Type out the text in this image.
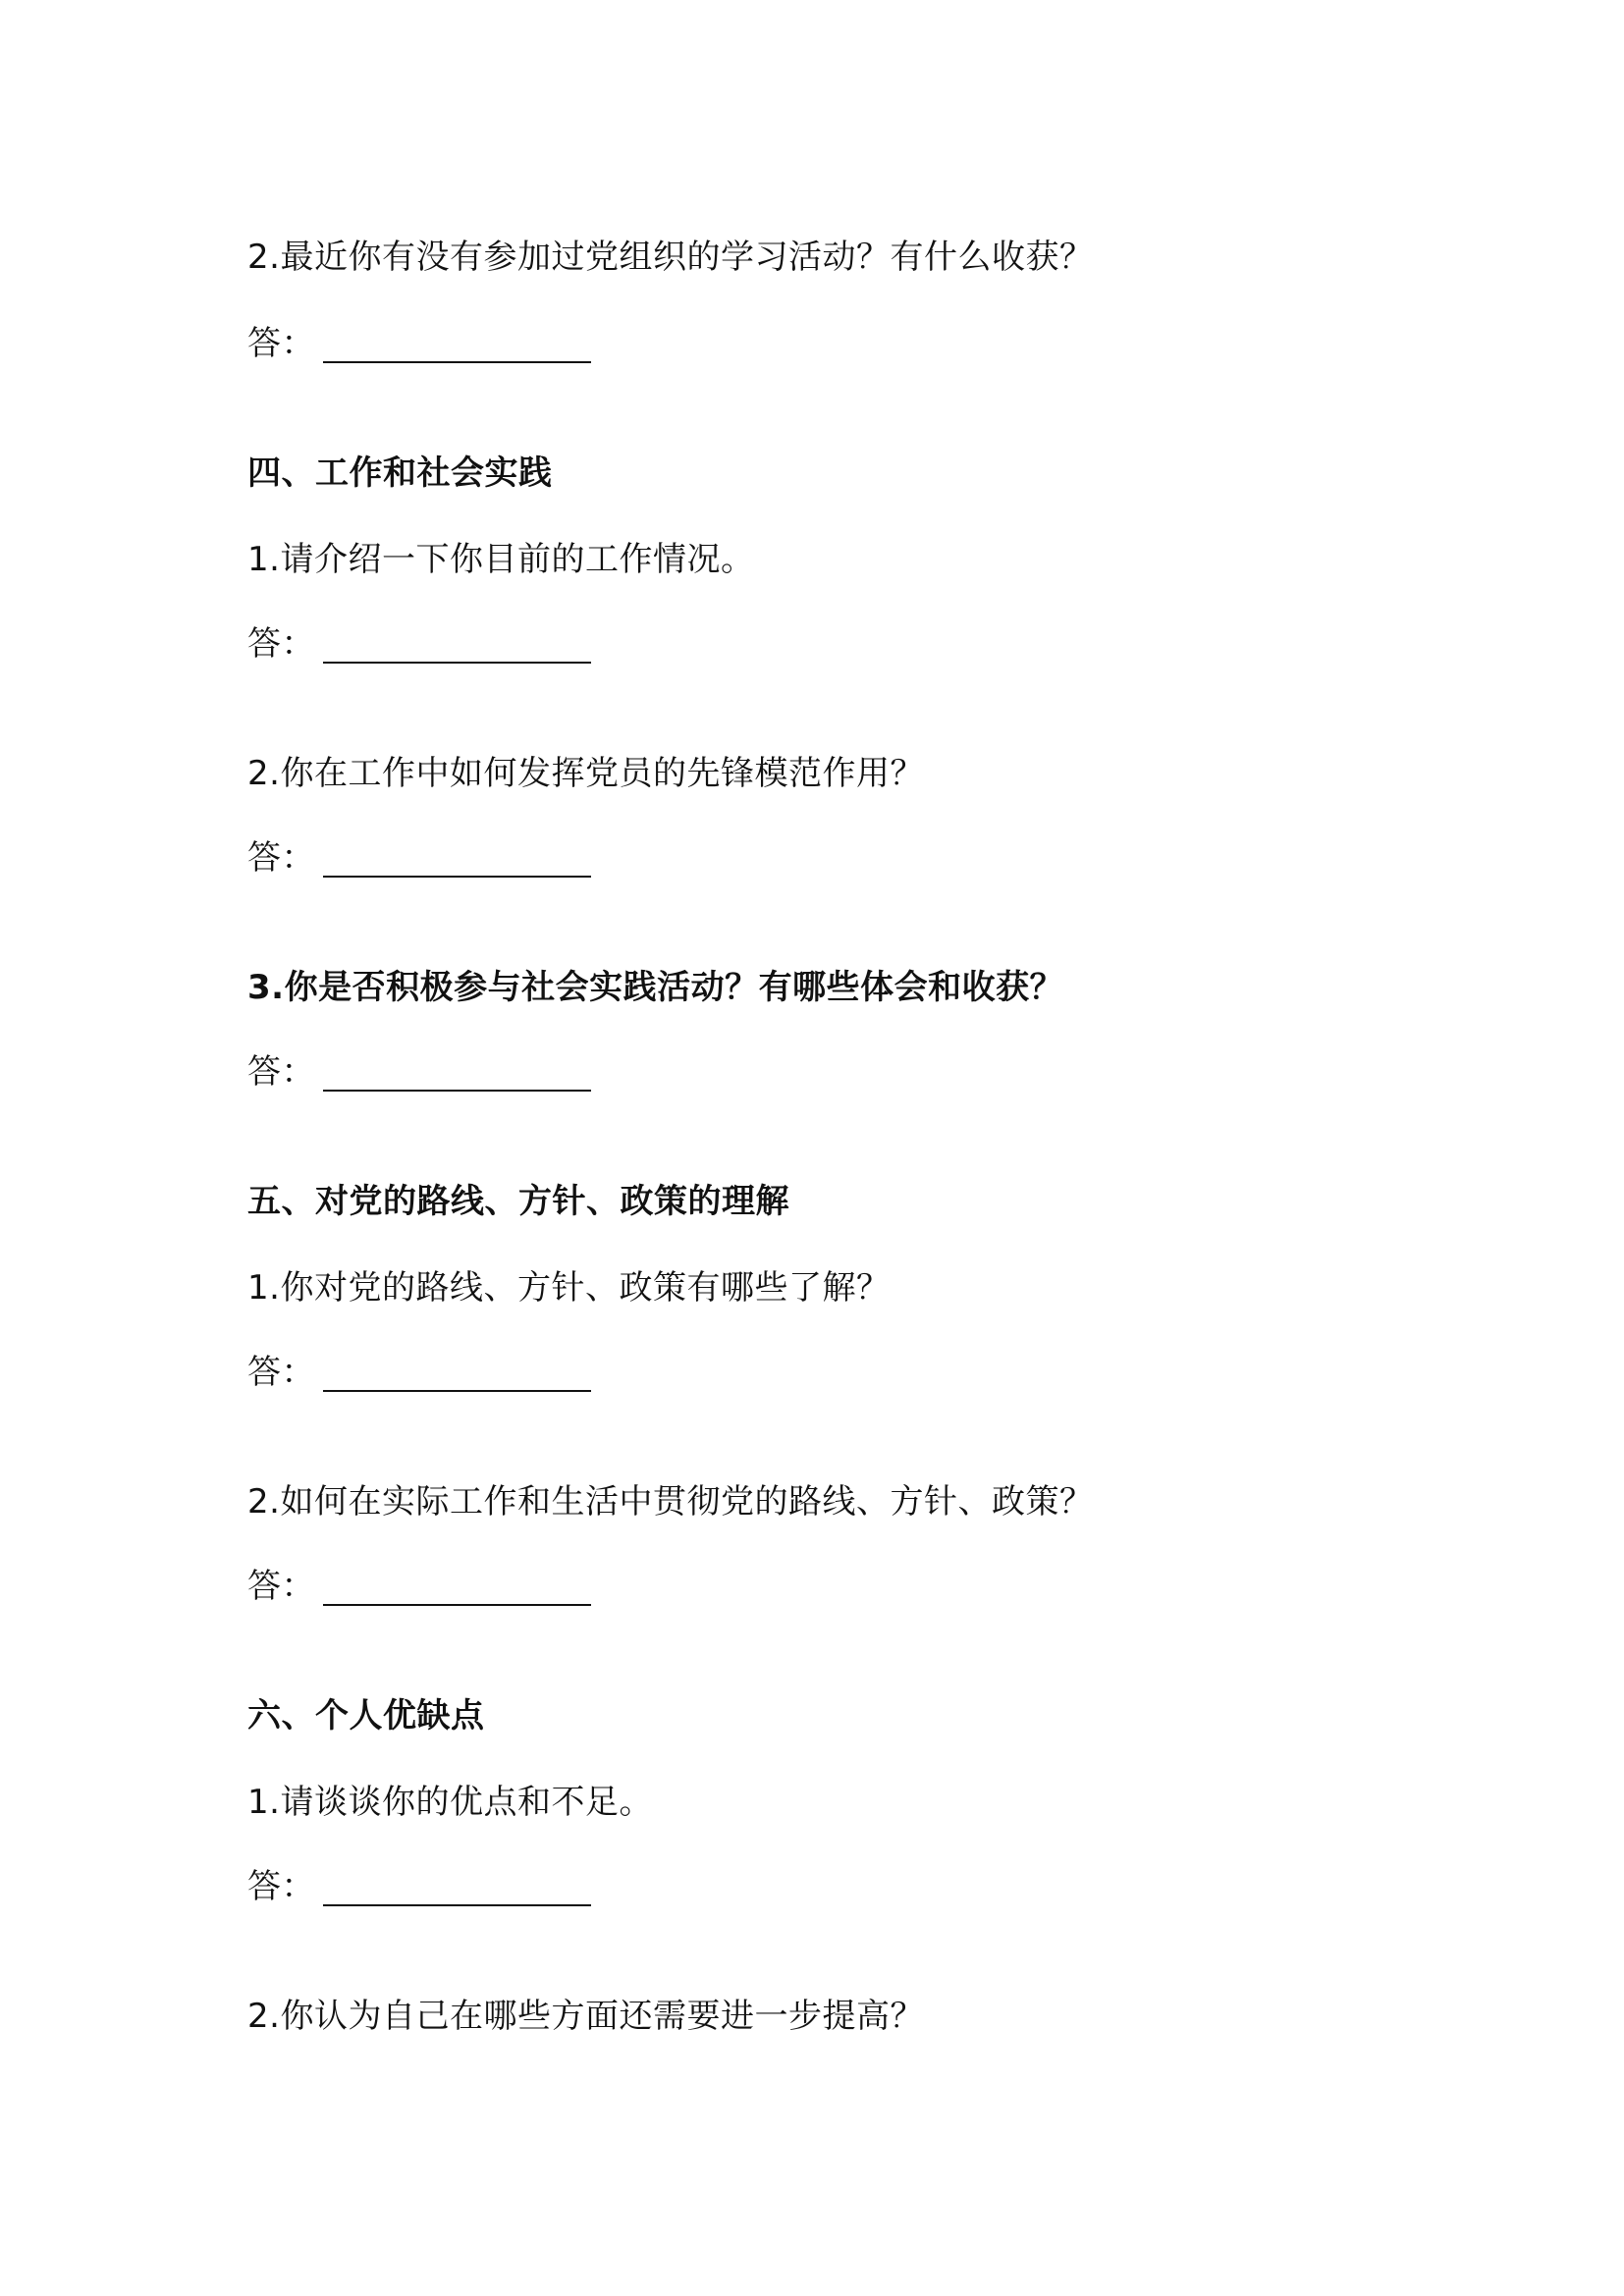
2.最近你有没有参加过党组织的学习活动？有什么收获？
答：
四、工作和社会实践
1.请介绍一下你目前的工作情况。
答：
2.你在工作中如何发挥党员的先锋模范作用？
答：
3.你是否积极参与社会实践活动？有哪些体会和收获？
答：
五、对党的路线、方针、政策的理解
1.你对党的路线、方针、政策有哪些了解？
答：
2.如何在实际工作和生活中贯彻党的路线、方针、政策？
答：
六、个人优缺点
1.请谈谈你的优点和不足。
答：
2.你认为自己在哪些方面还需要进一步提高？
